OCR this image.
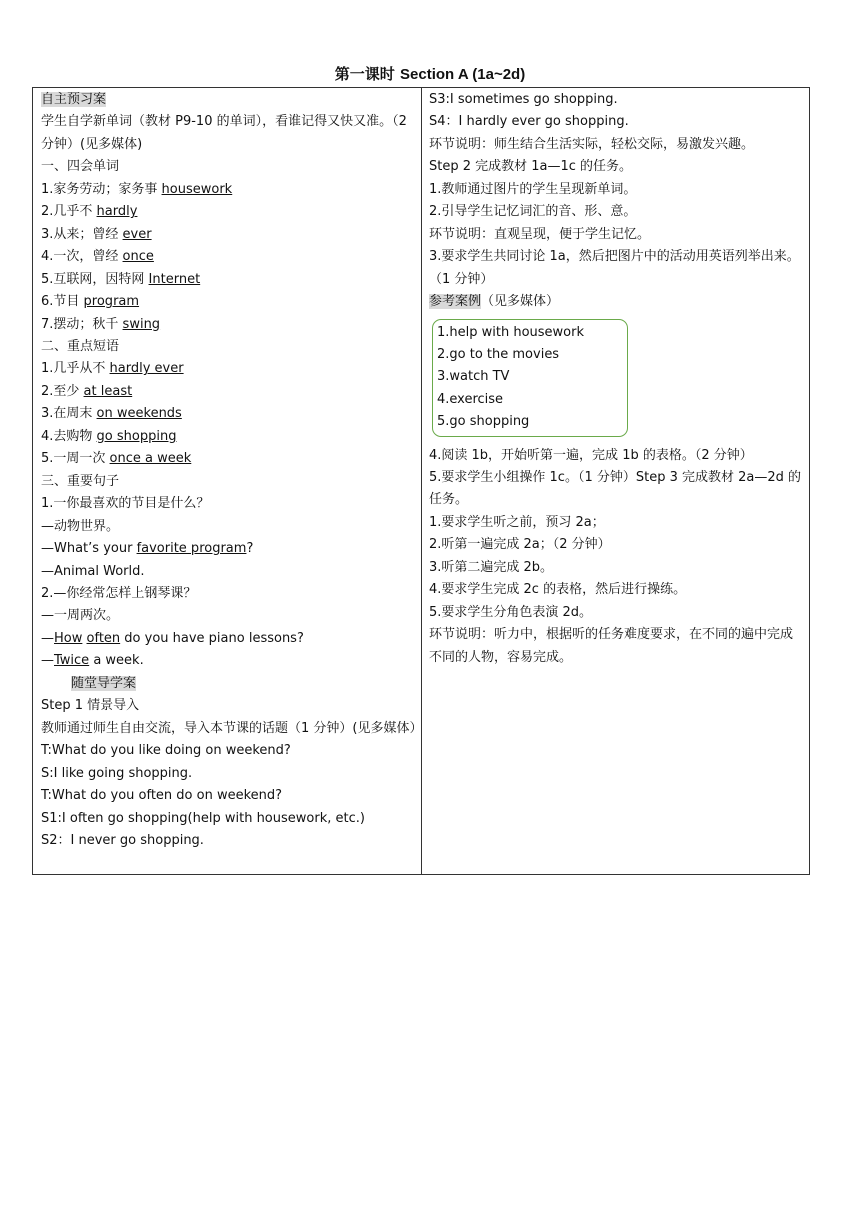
第一课时 Section A (1a~2d)
自主预习案
学生自学新单词（教材 P9-10 的单词），看谁记得又快又准。（2 分钟）(见多媒体)
一、四会单词
1.家务劳动；家务事 housework
2.几乎不 hardly
3.从来；曾经 ever
4.一次，曾经 once
5.互联网，因特网 Internet
6.节目 program
7.摆动；秋千 swing
二、重点短语
1.几乎从不 hardly ever
2.至少 at least
3.在周末 on weekends
4.去购物 go shopping
5.一周一次 once a week
三、重要句子
1.一你最喜欢的节目是什么？
—动物世界。
—What’s your favorite program?
—Animal World.
2.—你经常怎样上钢琴课？
—一周两次。
—How often do you have piano lessons?
—Twice a week.
随堂导学案
Step 1 情景导入
教师通过师生自由交流，导入本节课的话题（1 分钟）(见多媒体）
T:What do you like doing on weekend?
S:I like going shopping.
T:What do you often do on weekend?
S1:I often go shopping(help with housework, etc.)
S2：I never go shopping.
S3:I sometimes go shopping.
S4：I hardly ever go shopping.
环节说明：师生结合生活实际，轻松交际，易激发兴趣。
Step 2 完成教材 1a—1c 的任务。
1.教师通过图片的学生呈现新单词。
2.引导学生记忆词汇的音、形、意。
环节说明：直观呈现，便于学生记忆。
3.要求学生共同讨论 1a，然后把图片中的活动用英语列举出来。（1 分钟）
参考案例（见多媒体）
1.help with housework
2.go to the movies
3.watch TV
4.exercise
5.go shopping
4.阅读 1b，开始听第一遍，完成 1b 的表格。（2 分钟）
5.要求学生小组操作 1c。（1 分钟）Step 3 完成教材 2a—2d 的任务。
1.要求学生听之前，预习 2a；
2.听第一遍完成 2a；（2 分钟）
3.听第二遍完成 2b。
4.要求学生完成 2c 的表格，然后进行操练。
5.要求学生分角色表演 2d。
环节说明：听力中，根据听的任务难度要求，在不同的遍中完成不同的人物，容易完成。
